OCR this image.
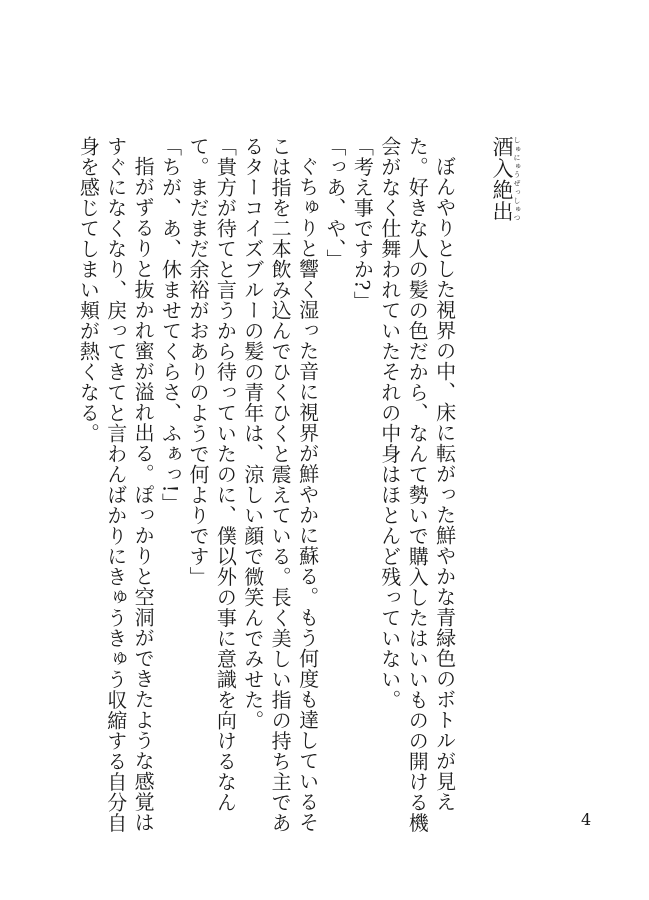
酒入絶出 しゅにゅうぜっしゅつ
ぼんやりとした視界の中、床に転がった鮮やかな青緑色のボトルが見えた。好きな人の髪の色だから、なんて勢いで購入したはいいものの開ける機会がなく仕舞われていたそれの中身はほとんど残っていない。
「考え事ですか?」
「っあ、や、」
ぐちゅりと響く湿った音に視界が鮮やかに蘇る。もう何度も達しているそこは指を二本飲み込んでひくひくと震えている。長く美しい指の持ち主であるターコイズブルーの髪の青年は、涼しい顔で微笑んでみせた。
「貴方が待てと言うから待っていたのに、僕以外の事に意識を向けるなんて。まだまだ余裕がおありのようで何よりです」
「ちが、あ、休ませてくらさ、ふぁっ!」
指がずるりと抜かれ蜜が溢れ出る。ぽっかりと空洞ができたような感覚はすぐになくなり、戻ってきてと言わんばかりにきゅうきゅう収縮する自分自身を感じてしまい頬が熱くなる。
4
